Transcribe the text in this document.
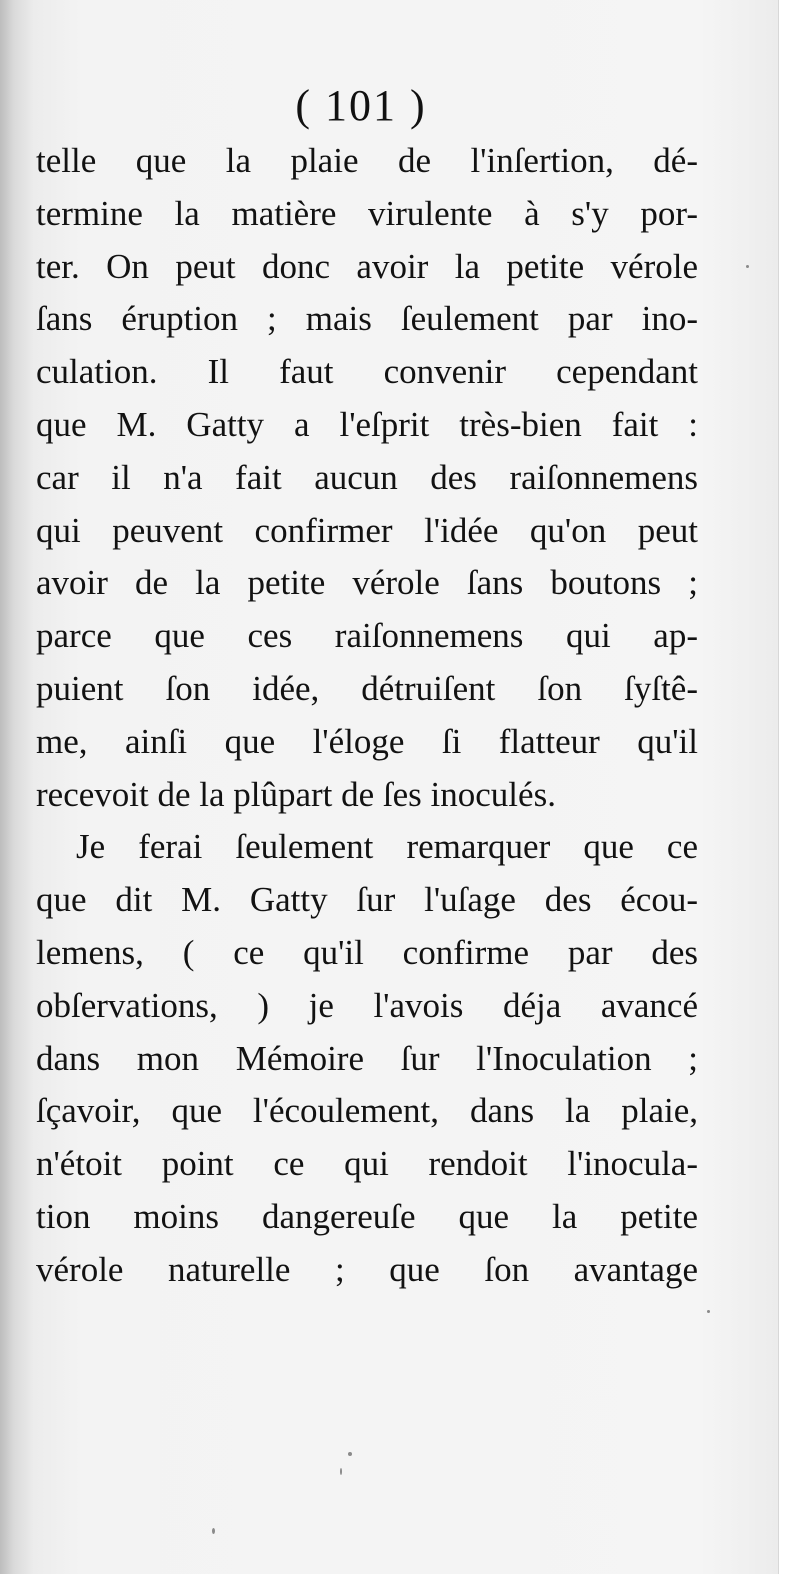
( 101 )
telle que la plaie de l'inſertion, dé-
termine la matière virulente à s'y por-
ter. On peut donc avoir la petite vérole
ſans éruption ; mais ſeulement par ino-
culation. Il faut convenir cependant
que M. Gatty a l'eſprit très-bien fait :
car il n'a fait aucun des raiſonnemens
qui peuvent confirmer l'idée qu'on peut
avoir de la petite vérole ſans boutons ;
parce que ces raiſonnemens qui ap-
puient ſon idée, détruiſent ſon ſyſtê-
me, ainſi que l'éloge ſi flatteur qu'il
recevoit de la plûpart de ſes inoculés.
Je ferai ſeulement remarquer que ce
que dit M. Gatty ſur l'uſage des écou-
lemens, ( ce qu'il confirme par des
obſervations, ) je l'avois déja avancé
dans mon Mémoire ſur l'Inoculation ;
ſçavoir, que l'écoulement, dans la plaie,
n'étoit point ce qui rendoit l'inocula-
tion moins dangereuſe que la petite
vérole naturelle ; que ſon avantage
